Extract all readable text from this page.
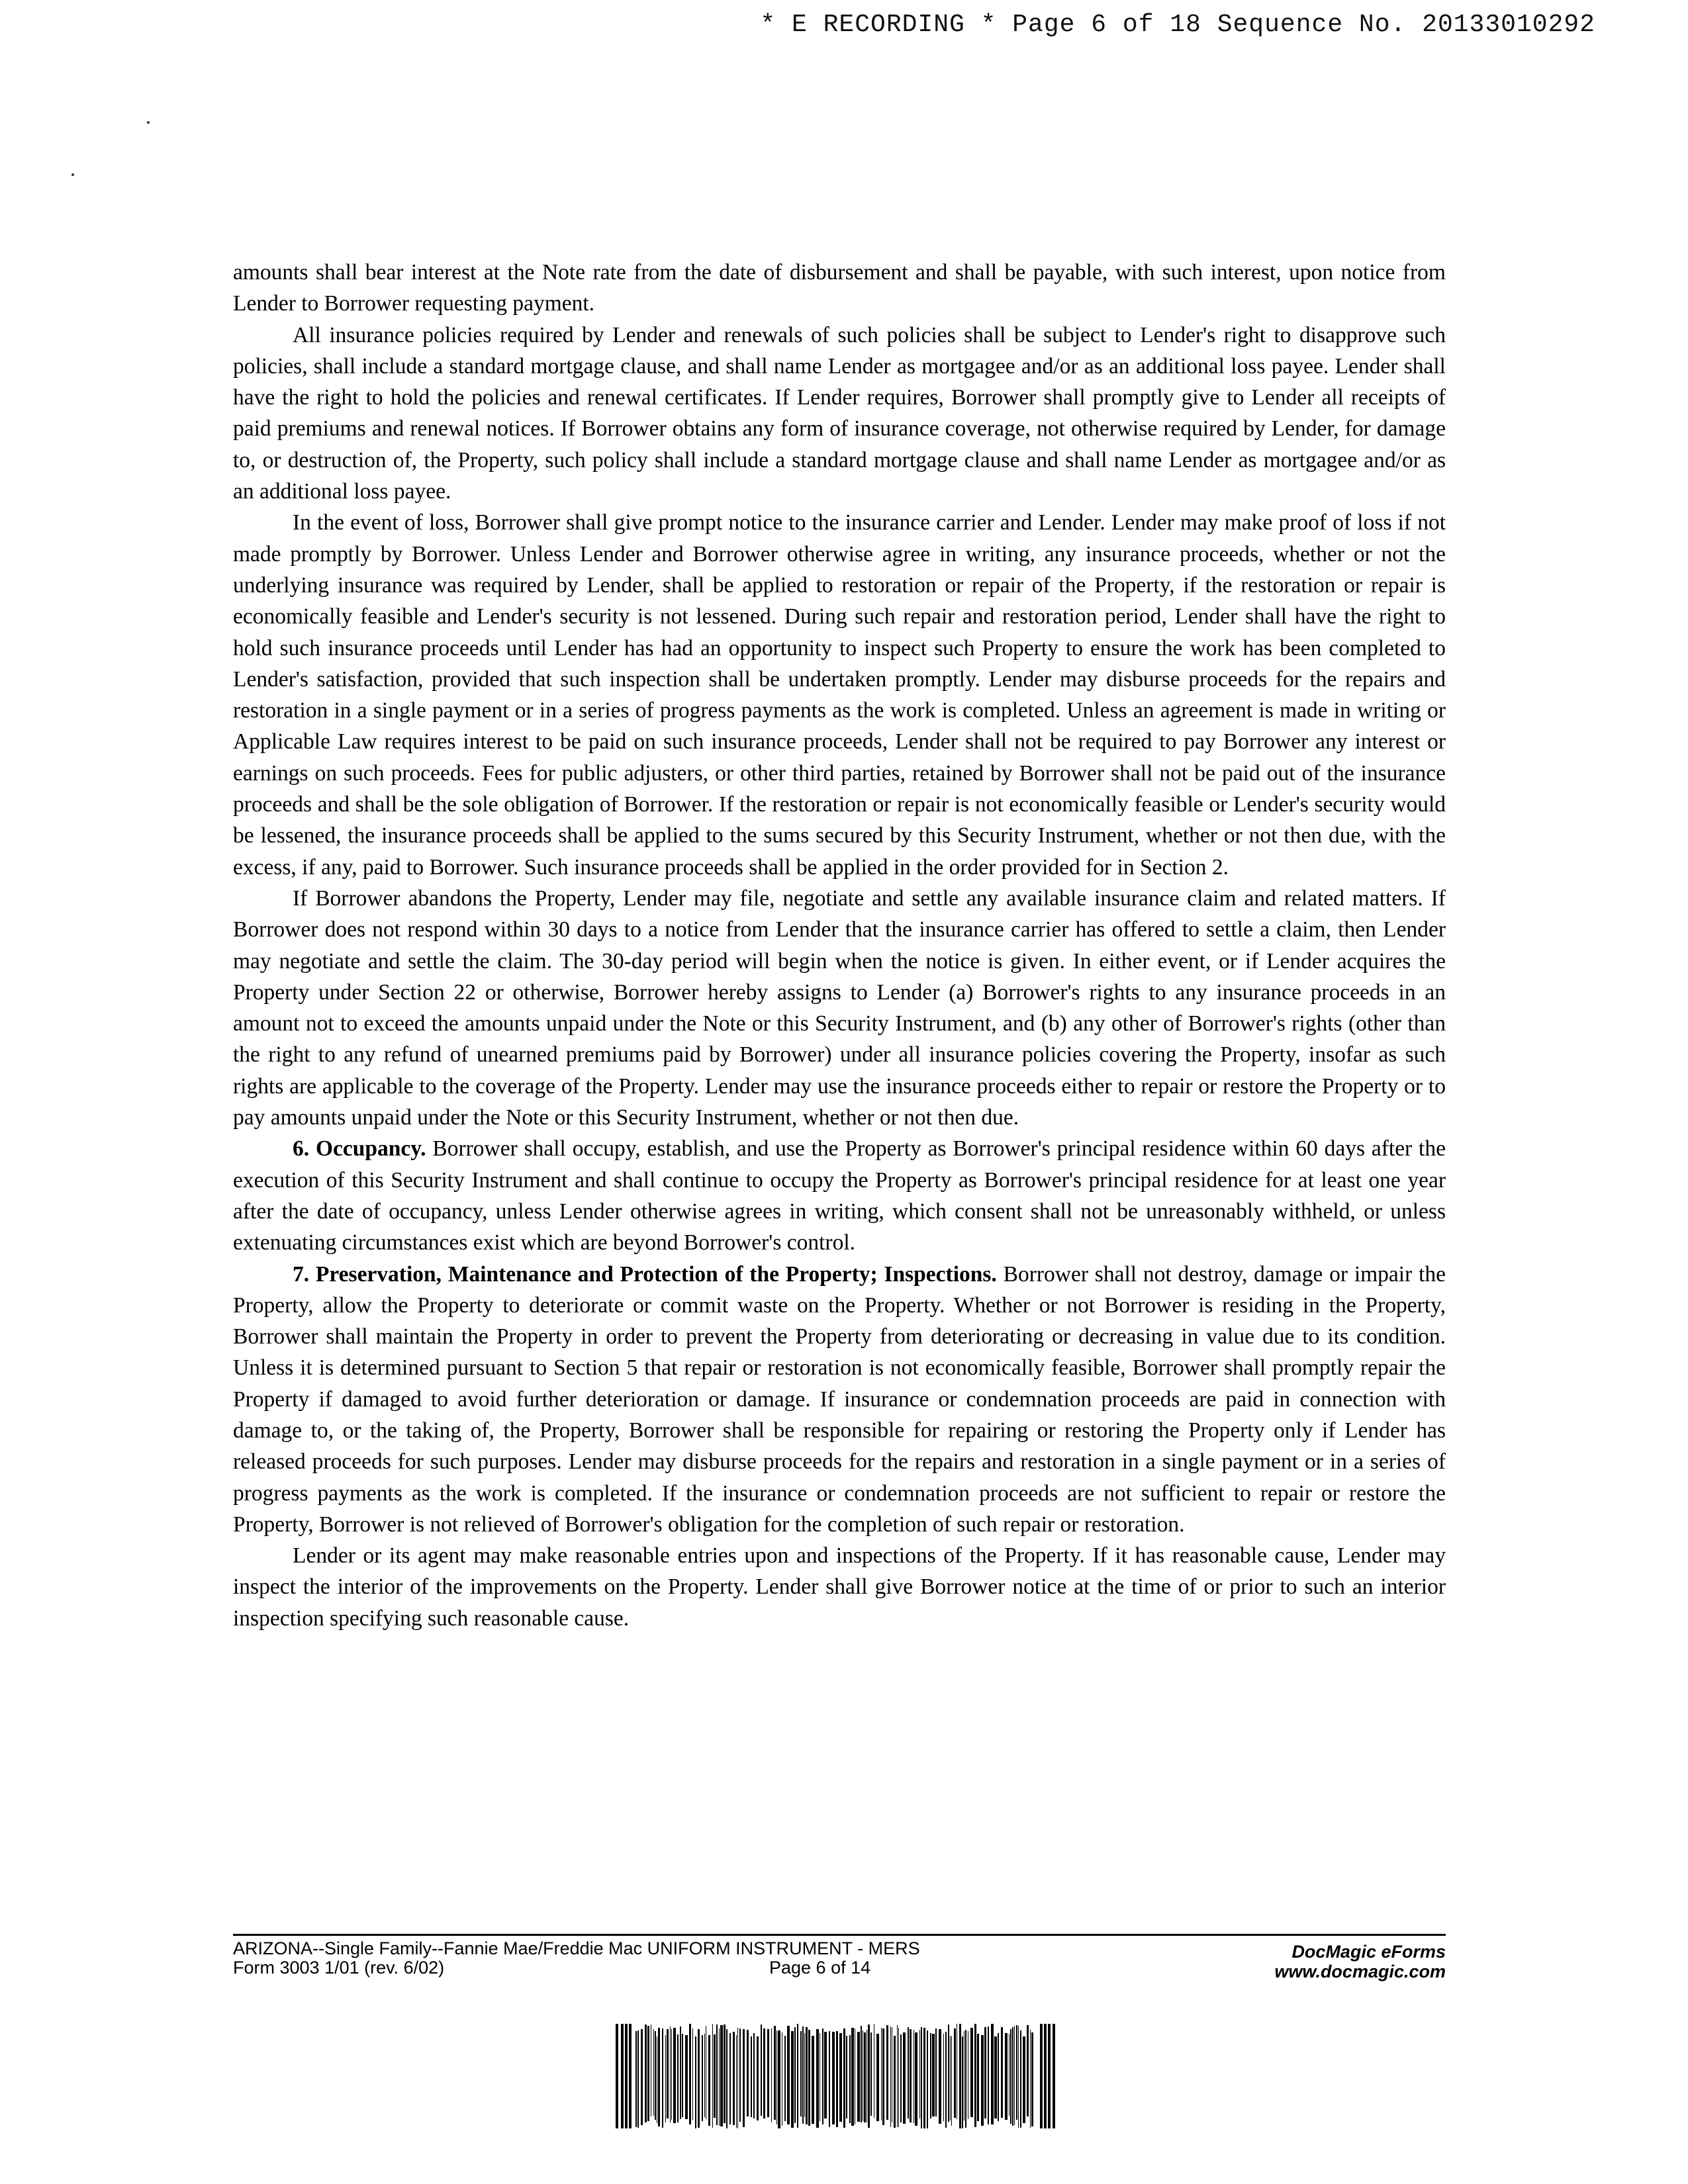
* E RECORDING * Page 6 of 18 Sequence No. 20133010292

amounts shall bear interest at the Note rate from the date of disbursement and shall be payable, with such interest, upon notice from Lender to Borrower requesting payment.

All insurance policies required by Lender and renewals of such policies shall be subject to Lender's right to disapprove such policies, shall include a standard mortgage clause, and shall name Lender as mortgagee and/or as an additional loss payee. Lender shall have the right to hold the policies and renewal certificates. If Lender requires, Borrower shall promptly give to Lender all receipts of paid premiums and renewal notices. If Borrower obtains any form of insurance coverage, not otherwise required by Lender, for damage to, or destruction of, the Property, such policy shall include a standard mortgage clause and shall name Lender as mortgagee and/or as an additional loss payee.

In the event of loss, Borrower shall give prompt notice to the insurance carrier and Lender. Lender may make proof of loss if not made promptly by Borrower. Unless Lender and Borrower otherwise agree in writing, any insurance proceeds, whether or not the underlying insurance was required by Lender, shall be applied to restoration or repair of the Property, if the restoration or repair is economically feasible and Lender's security is not lessened. During such repair and restoration period, Lender shall have the right to hold such insurance proceeds until Lender has had an opportunity to inspect such Property to ensure the work has been completed to Lender's satisfaction, provided that such inspection shall be undertaken promptly. Lender may disburse proceeds for the repairs and restoration in a single payment or in a series of progress payments as the work is completed. Unless an agreement is made in writing or Applicable Law requires interest to be paid on such insurance proceeds, Lender shall not be required to pay Borrower any interest or earnings on such proceeds. Fees for public adjusters, or other third parties, retained by Borrower shall not be paid out of the insurance proceeds and shall be the sole obligation of Borrower. If the restoration or repair is not economically feasible or Lender's security would be lessened, the insurance proceeds shall be applied to the sums secured by this Security Instrument, whether or not then due, with the excess, if any, paid to Borrower. Such insurance proceeds shall be applied in the order provided for in Section 2.

If Borrower abandons the Property, Lender may file, negotiate and settle any available insurance claim and related matters. If Borrower does not respond within 30 days to a notice from Lender that the insurance carrier has offered to settle a claim, then Lender may negotiate and settle the claim. The 30-day period will begin when the notice is given. In either event, or if Lender acquires the Property under Section 22 or otherwise, Borrower hereby assigns to Lender (a) Borrower's rights to any insurance proceeds in an amount not to exceed the amounts unpaid under the Note or this Security Instrument, and (b) any other of Borrower's rights (other than the right to any refund of unearned premiums paid by Borrower) under all insurance policies covering the Property, insofar as such rights are applicable to the coverage of the Property. Lender may use the insurance proceeds either to repair or restore the Property or to pay amounts unpaid under the Note or this Security Instrument, whether or not then due.

6. Occupancy. Borrower shall occupy, establish, and use the Property as Borrower's principal residence within 60 days after the execution of this Security Instrument and shall continue to occupy the Property as Borrower's principal residence for at least one year after the date of occupancy, unless Lender otherwise agrees in writing, which consent shall not be unreasonably withheld, or unless extenuating circumstances exist which are beyond Borrower's control.

7. Preservation, Maintenance and Protection of the Property; Inspections. Borrower shall not destroy, damage or impair the Property, allow the Property to deteriorate or commit waste on the Property. Whether or not Borrower is residing in the Property, Borrower shall maintain the Property in order to prevent the Property from deteriorating or decreasing in value due to its condition. Unless it is determined pursuant to Section 5 that repair or restoration is not economically feasible, Borrower shall promptly repair the Property if damaged to avoid further deterioration or damage. If insurance or condemnation proceeds are paid in connection with damage to, or the taking of, the Property, Borrower shall be responsible for repairing or restoring the Property only if Lender has released proceeds for such purposes. Lender may disburse proceeds for the repairs and restoration in a single payment or in a series of progress payments as the work is completed. If the insurance or condemnation proceeds are not sufficient to repair or restore the Property, Borrower is not relieved of Borrower's obligation for the completion of such repair or restoration.

Lender or its agent may make reasonable entries upon and inspections of the Property. If it has reasonable cause, Lender may inspect the interior of the improvements on the Property. Lender shall give Borrower notice at the time of or prior to such an interior inspection specifying such reasonable cause.

ARIZONA--Single Family--Fannie Mae/Freddie Mac UNIFORM INSTRUMENT - MERS
Form 3003 1/01 (rev. 6/02)	Page 6 of 14
DocMagic eForms
www.docmagic.com
